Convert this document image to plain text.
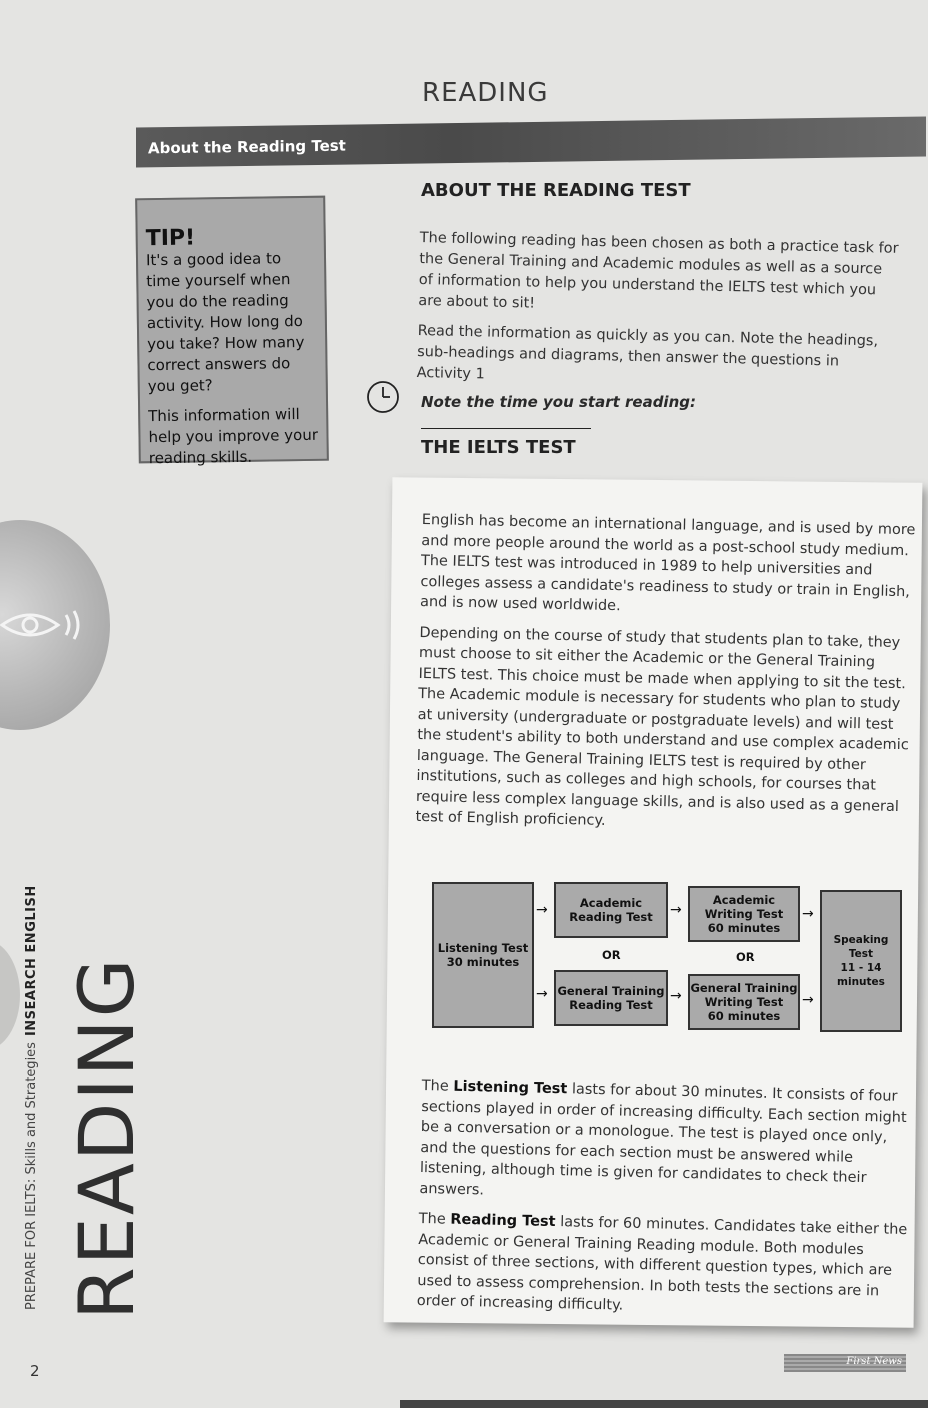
READING
About the Reading Test
TIP!

It's a good idea to time yourself when you do the reading activity. How long do you take? How many correct answers do you get?

This information will help you improve your reading skills.

ABOUT THE READING TEST

The following reading has been chosen as both a practice task for the General Training and Academic modules as well as a source of information to help you understand the IELTS test which you are about to sit!

Read the information as quickly as you can. Note the headings, sub-headings and diagrams, then answer the questions in Activity 1

Note the time you start reading:
THE IELTS TEST

English has become an international language, and is used by more and more people around the world as a post-school study medium. The IELTS test was introduced in 1989 to help universities and colleges assess a candidate's readiness to study or train in English, and is now used worldwide.

Depending on the course of study that students plan to take, they must choose to sit either the Academic or the General Training IELTS test. This choice must be made when applying to sit the test. The Academic module is necessary for students who plan to study at university (undergraduate or postgraduate levels) and will test the student's ability to both understand and use complex academic language. The General Training IELTS test is required by other institutions, such as colleges and high schools, for courses that require less complex language skills, and is also used as a general test of English proficiency.

Listening Test
30 minutes
→
→
Academic
Reading Test
OR
General Training
Reading Test
→
→
Academic
Writing Test
60 minutes
OR
General Training
Writing Test
60 minutes
→
→
Speaking Test
11 - 14 minutes

The Listening Test lasts for about 30 minutes. It consists of four sections played in order of increasing difficulty. Each section might be a conversation or a monologue. The test is played once only, and the questions for each section must be answered while listening, although time is given for candidates to check their answers.

The Reading Test lasts for 60 minutes. Candidates take either the Academic or General Training Reading module. Both modules consist of three sections, with different question types, which are used to assess comprehension. In both tests the sections are in order of increasing difficulty.

READING
PREPARE FOR IELTS: Skills and StrategiesINSEARCH ENGLISH
2
First News
